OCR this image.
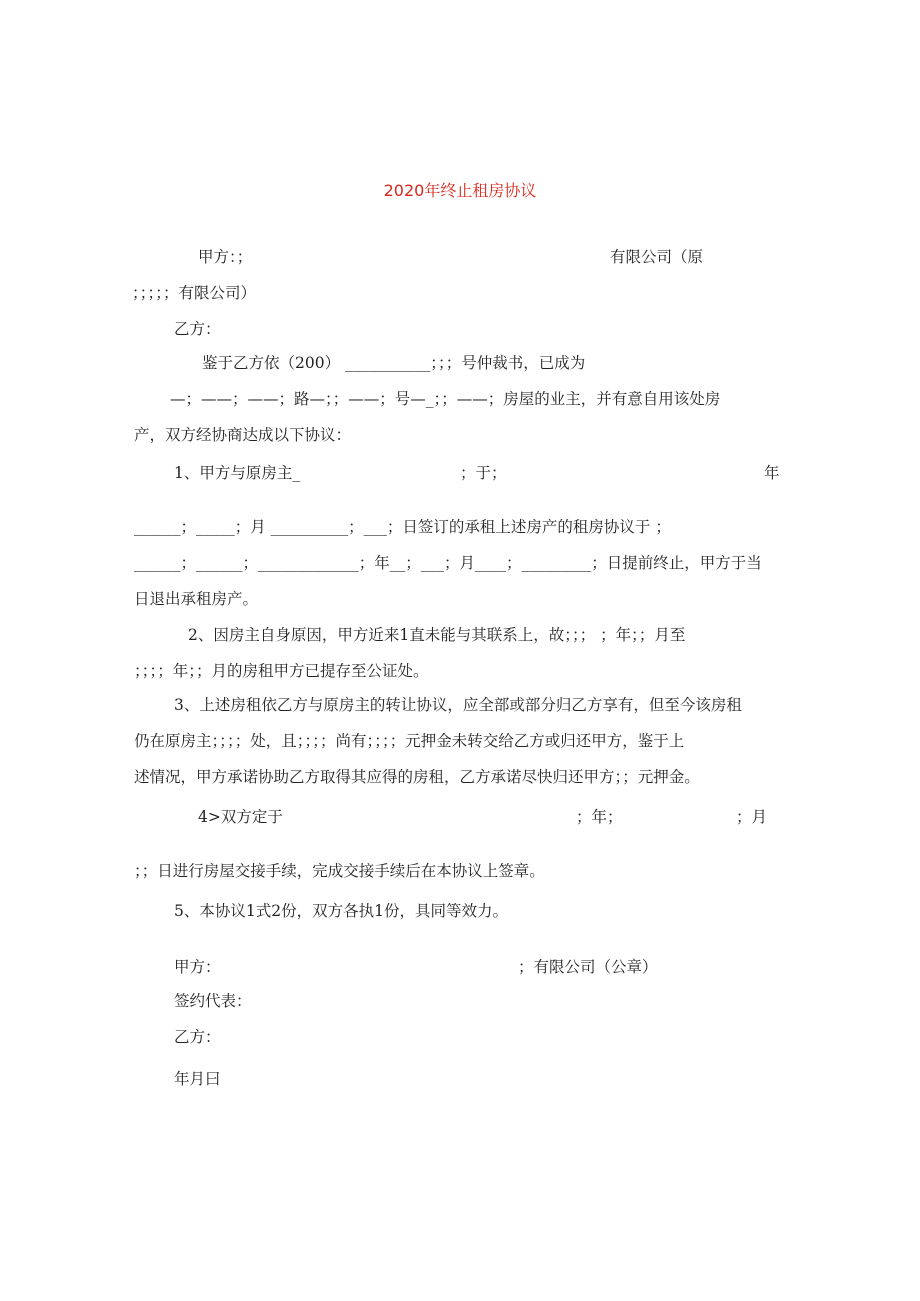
2020年终止租房协议
甲方：；	有限公司（原
；；；；；有限公司）
乙方：
鉴于乙方依（200） ___________；；；号仲裁书，已成为
—；——；——；路—；；——；号—_；；——；房屋的业主，并有意自用该处房
产，双方经协商达成以下协议：
1、甲方与原房主_	；于；	年
______；_____；月 __________；___；日签订的承租上述房产的租房协议于 ；
______；______；_____________；年__；___；月____；_________；日提前终止，甲方于当
日退出承租房产。
2、因房主自身原因，甲方近来1直未能与其联系上，故；；； ；年；；月至
；；；；年；；月的房租甲方已提存至公证处。
3、上述房租依乙方与原房主的转让协议，应全部或部分归乙方享有，但至今该房租
仍在原房主；；；；处，且；；；；尚有；；；；元押金未转交给乙方或归还甲方，鉴于上
述情况，甲方承诺协助乙方取得其应得的房租，乙方承诺尽快归还甲方；；元押金。
4>双方定于	；年；	；月
；；日进行房屋交接手续，完成交接手续后在本协议上签章。
5、本协议1式2份，双方各执1份，具同等效力。
甲方：	；有限公司（公章）
签约代表：
乙方：
年月曰
